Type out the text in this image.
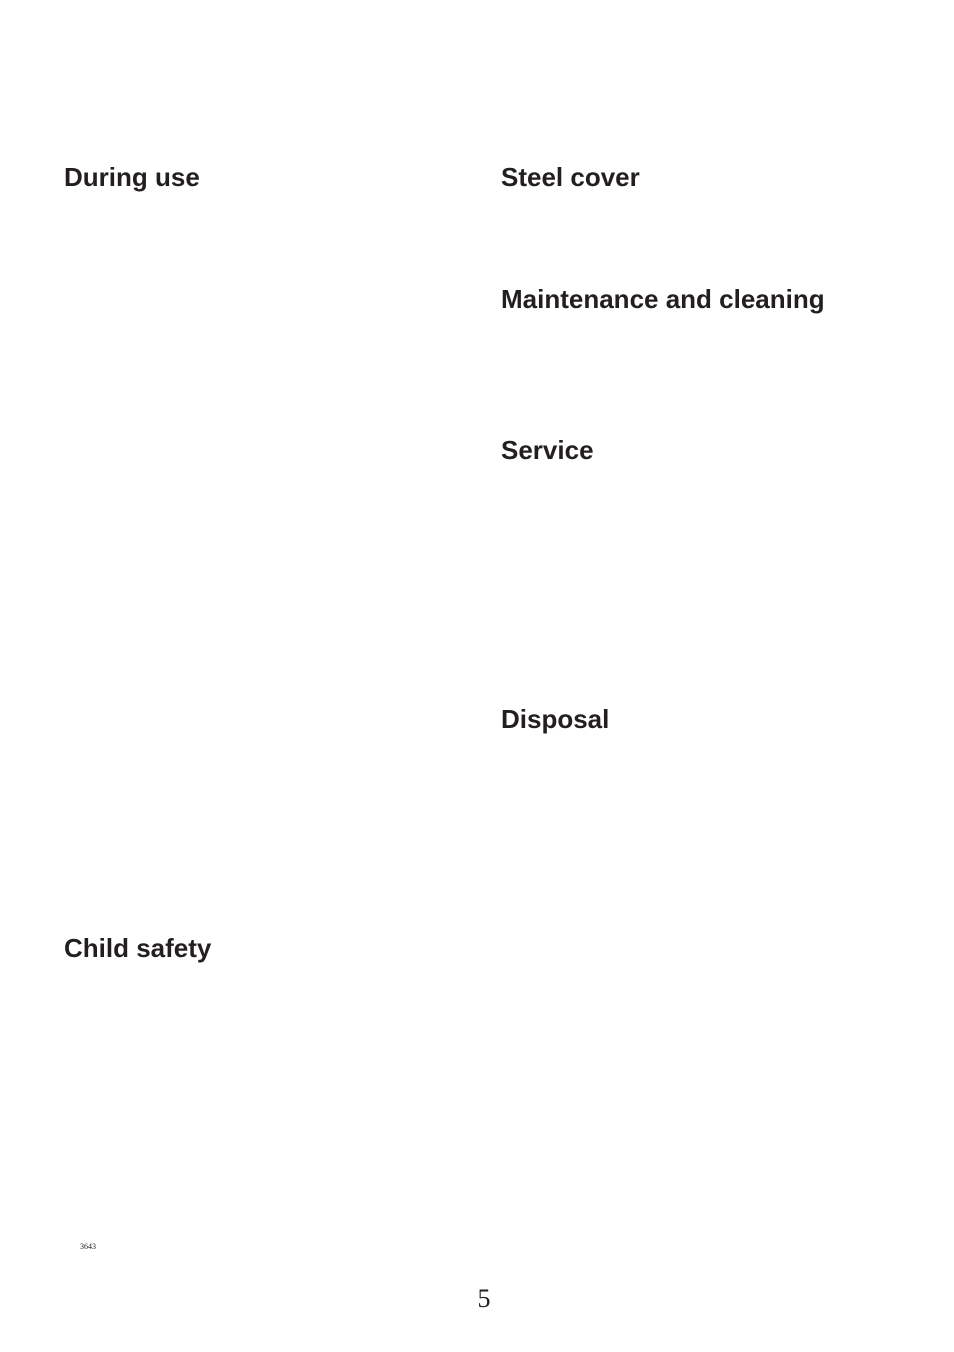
During use
Child safety
Steel cover
Maintenance and cleaning
Service
Disposal
3643
5
